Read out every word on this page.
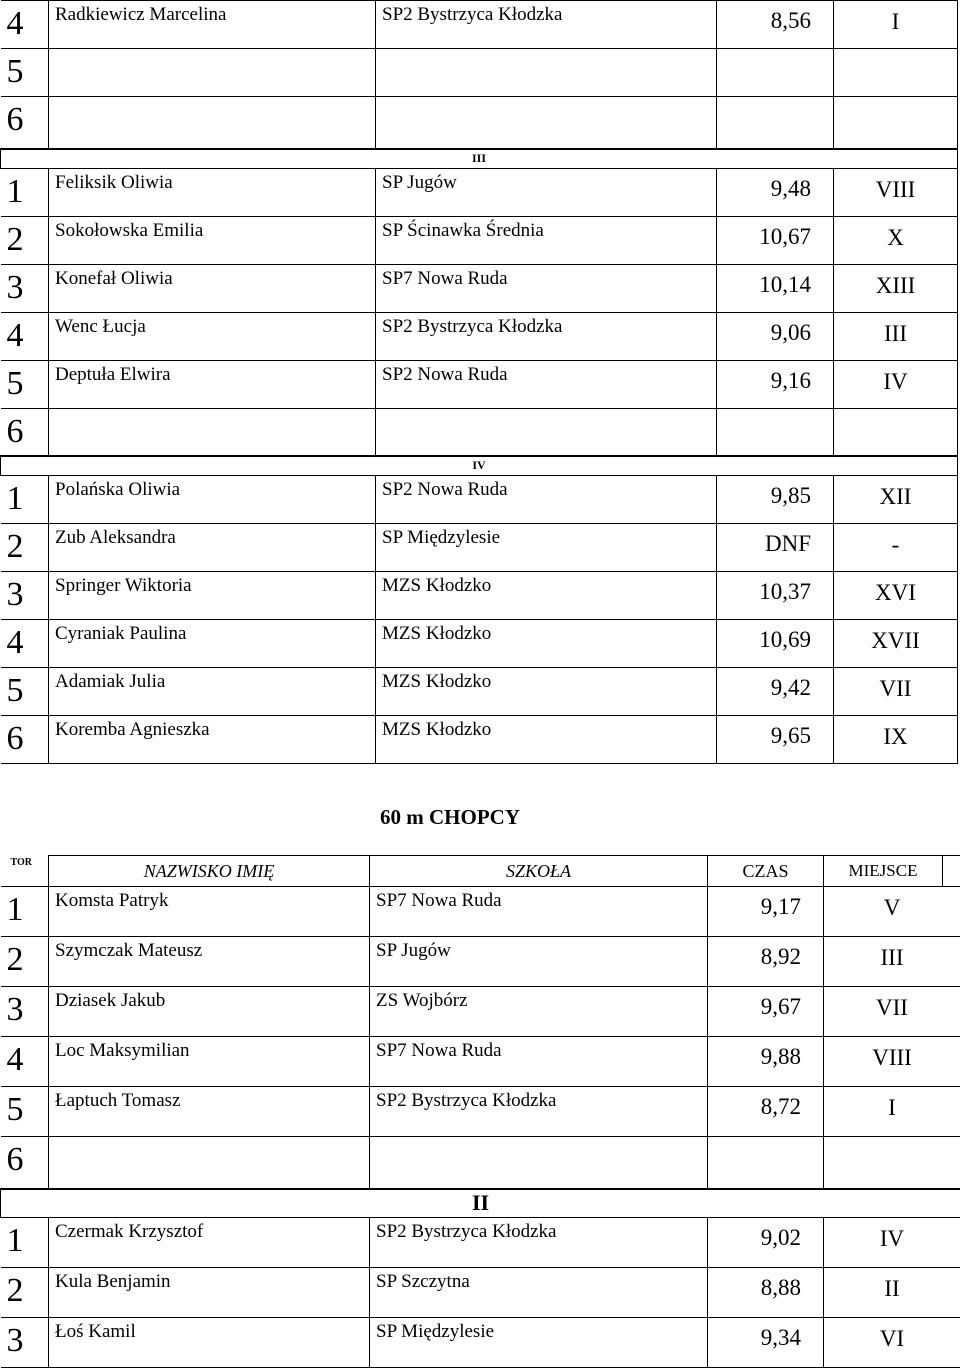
4	Radkiewicz Marcelina	SP2 Bystrzyca Kłodzka	8,56	I
5				
6				
III				
1	Feliksik Oliwia	SP Jugów	9,48	VIII
2	Sokołowska Emilia	SP Ścinawka Średnia	10,67	X
3	Konefał Oliwia	SP7 Nowa Ruda	10,14	XIII
4	Wenc Łucja	SP2 Bystrzyca Kłodzka	9,06	III
5	Deptuła Elwira	SP2 Nowa Ruda	9,16	IV
6				
IV				
1	Polańska Oliwia	SP2 Nowa Ruda	9,85	XII
2	Zub Aleksandra	SP Międzylesie	DNF	-
3	Springer Wiktoria	MZS Kłodzko	10,37	XVI
4	Cyraniak Paulina	MZS Kłodzko	10,69	XVII
5	Adamiak Julia	MZS Kłodzko	9,42	VII
6	Koremba Agnieszka	MZS Kłodzko	9,65	IX
60 m CHOPCY
TOR	NAZWISKO IMIĘ	SZKOŁA	CZAS	MIEJSCE	
1	Komsta Patryk	SP7 Nowa Ruda	9,17	V	
2	Szymczak Mateusz	SP Jugów	8,92	III	
3	Dziasek Jakub	ZS Wojbórz	9,67	VII	
4	Loc Maksymilian	SP7 Nowa Ruda	9,88	VIII	
5	Łaptuch Tomasz	SP2 Bystrzyca Kłodzka	8,72	I	
6					
II					
1	Czermak Krzysztof	SP2 Bystrzyca Kłodzka	9,02	IV	
2	Kula Benjamin	SP Szczytna	8,88	II	
3	Łoś Kamil	SP Międzylesie	9,34	VI	
